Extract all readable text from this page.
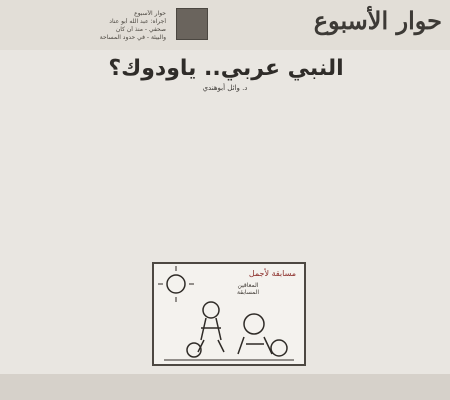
حوار الأسبوع
حوار الأسبوع
أجراه: عبد الله أبو عناد
صحفي - منذ أن كان
والبيئة - في حدود المساحة
النبي عربي.. ياودوك؟
د. وائل أبوهندي
مسابقة لأجمل
المعاقين
المسابقة
